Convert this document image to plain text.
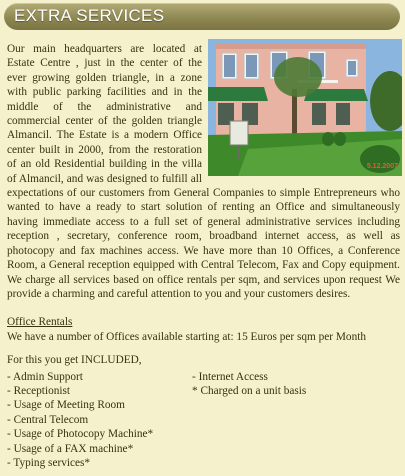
EXTRA SERVICES
5.12.2007

Our main headquarters are located at Estate Centre , just in the center of the ever growing golden triangle, in a zone with public parking facilities and in the middle of the administrative and commercial center of the golden triangle Almancil. The Estate is a modern Office center built in 2000, from the restoration of an old Residential building in the villa of Almancil, and was designed to fulfill all expectations of our customers from General Companies to simple Entrepreneurs who wanted to have a ready to start solution of renting an Office and simultaneously having immediate access to a full set of general administrative services including reception , secretary, conference room, broadband internet access, as well as photocopy and fax machines access. We have more than 10 Offices, a Conference Room, a General reception equipped with Central Telecom, Fax and Copy equipment. We charge all services based on office rentals per sqm, and services upon request We provide a charming and careful attention to you and your customers desires.

Office Rentals
We have a number of Offices available starting at: 15 Euros per sqm per Month
For this you get INCLUDED,
- Admin Support
- Receptionist
- Usage of Meeting Room
- Central Telecom
- Usage of Photocopy Machine*
- Usage of a FAX machine*
- Typing services*
- Internet Access
* Charged on a unit basis
